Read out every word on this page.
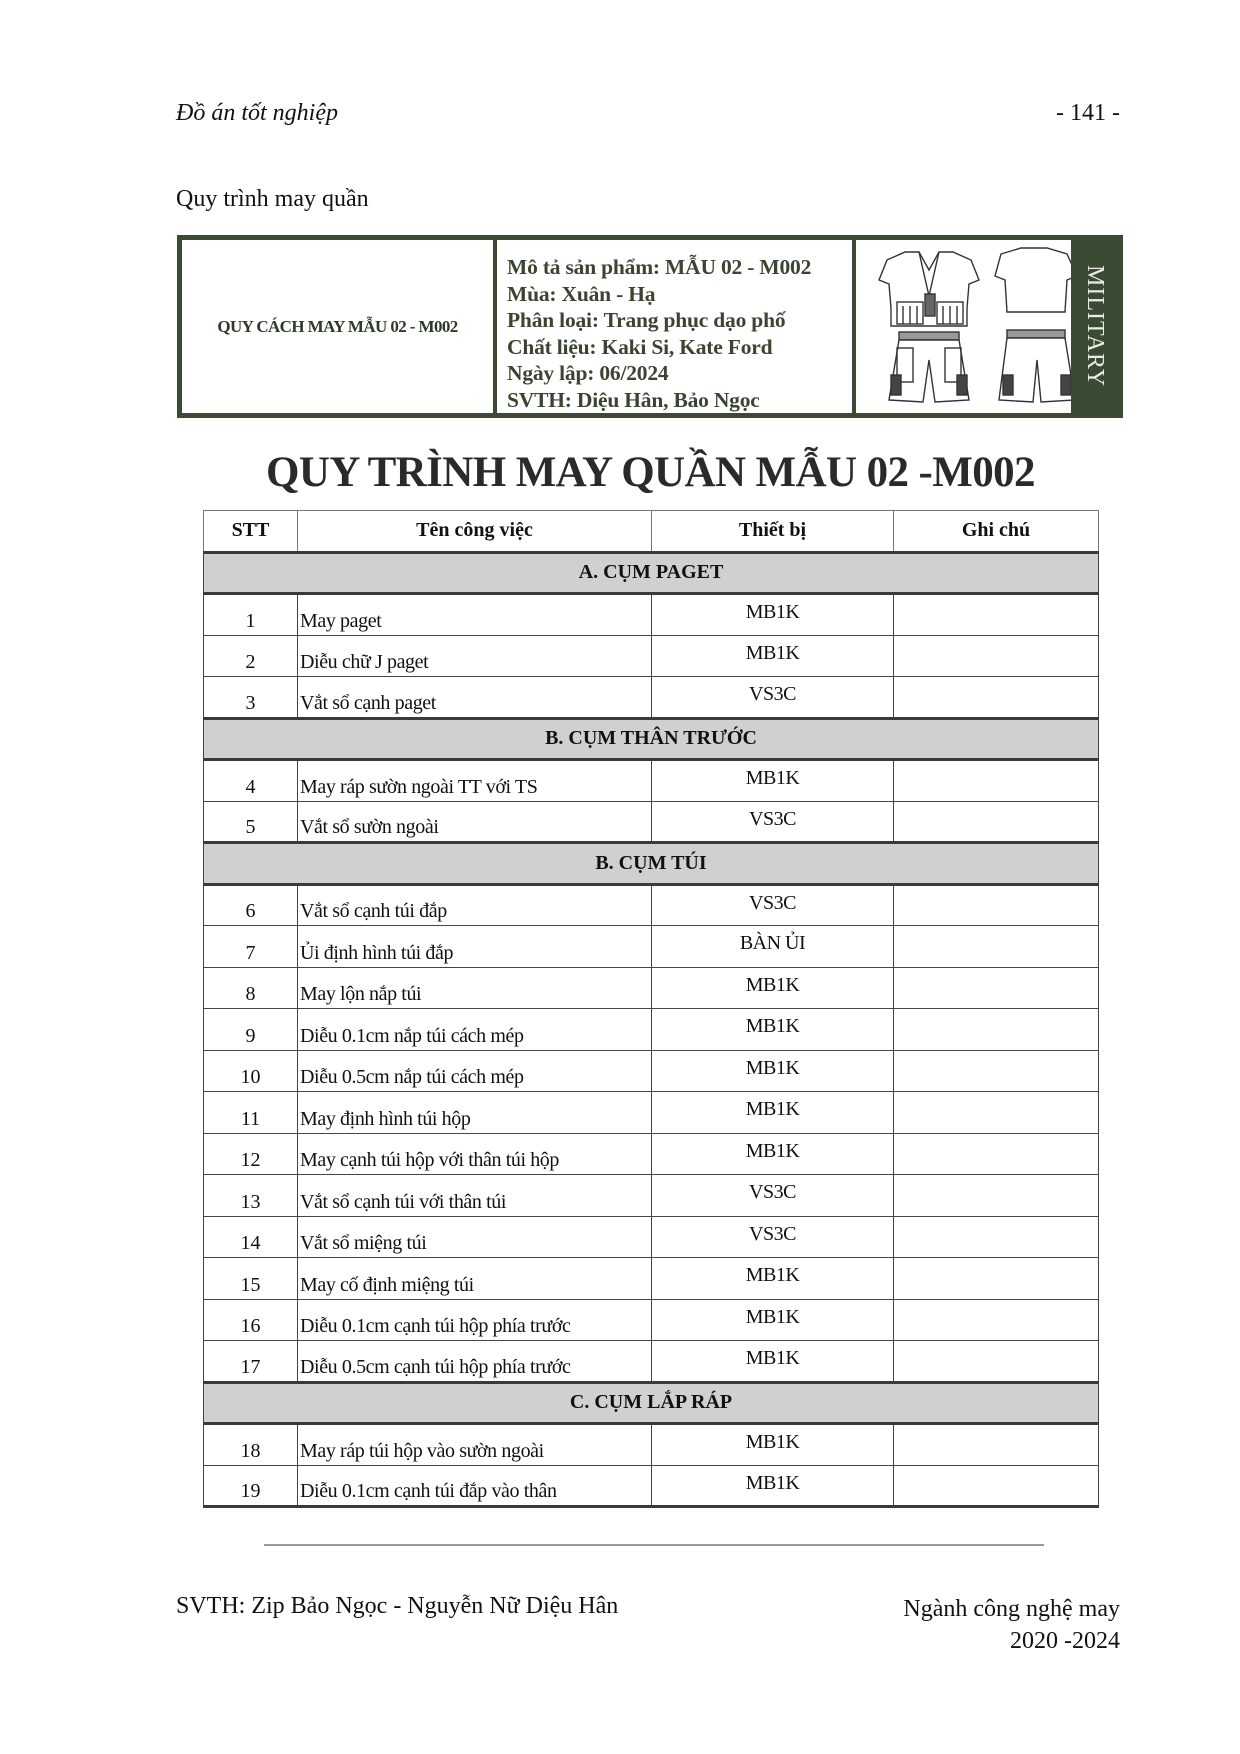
Đồ án tốt nghiệp	- 141 -
Quy trình may quần
QUY CÁCH MAY MẪU 02 - M002
Mô tả sản phẩm: MẪU 02 - M002
Mùa: Xuân - Hạ
Phân loại: Trang phục dạo phố
Chất liệu: Kaki Si, Kate Ford
Ngày lập: 06/2024
SVTH: Diệu Hân, Bảo Ngọc
MILITARY
QUY TRÌNH MAY QUẦN MẪU 02 -M002
STT	Tên công việc	Thiết bị	Ghi chú
A. CỤM PAGET			
1	May paget	MB1K	
2	Diễu chữ J paget	MB1K	
3	Vắt sổ cạnh paget	VS3C	
B. CỤM THÂN TRƯỚC			
4	May ráp sườn ngoài TT với TS	MB1K	
5	Vắt sổ sườn ngoài	VS3C	
B. CỤM TÚI			
6	Vắt sổ cạnh túi đắp	VS3C	
7	Ủi định hình túi đắp	BÀN ỦI	
8	May lộn nắp túi	MB1K	
9	Diễu 0.1cm nắp túi cách mép	MB1K	
10	Diễu 0.5cm nắp túi cách mép	MB1K	
11	May định hình túi hộp	MB1K	
12	May cạnh túi hộp với thân túi hộp	MB1K	
13	Vắt sổ cạnh túi với thân túi	VS3C	
14	Vắt sổ miệng túi	VS3C	
15	May cố định miệng túi	MB1K	
16	Diễu 0.1cm cạnh túi hộp phía trước	MB1K	
17	Diễu 0.5cm cạnh túi hộp phía trước	MB1K	
C. CỤM LẮP RÁP			
18	May ráp túi hộp vào sườn ngoài	MB1K	
19	Diễu 0.1cm cạnh túi đắp vào thân	MB1K	
SVTH: Zip Bảo Ngọc - Nguyễn Nữ Diệu Hân	Ngành công nghệ may
2020 -2024
